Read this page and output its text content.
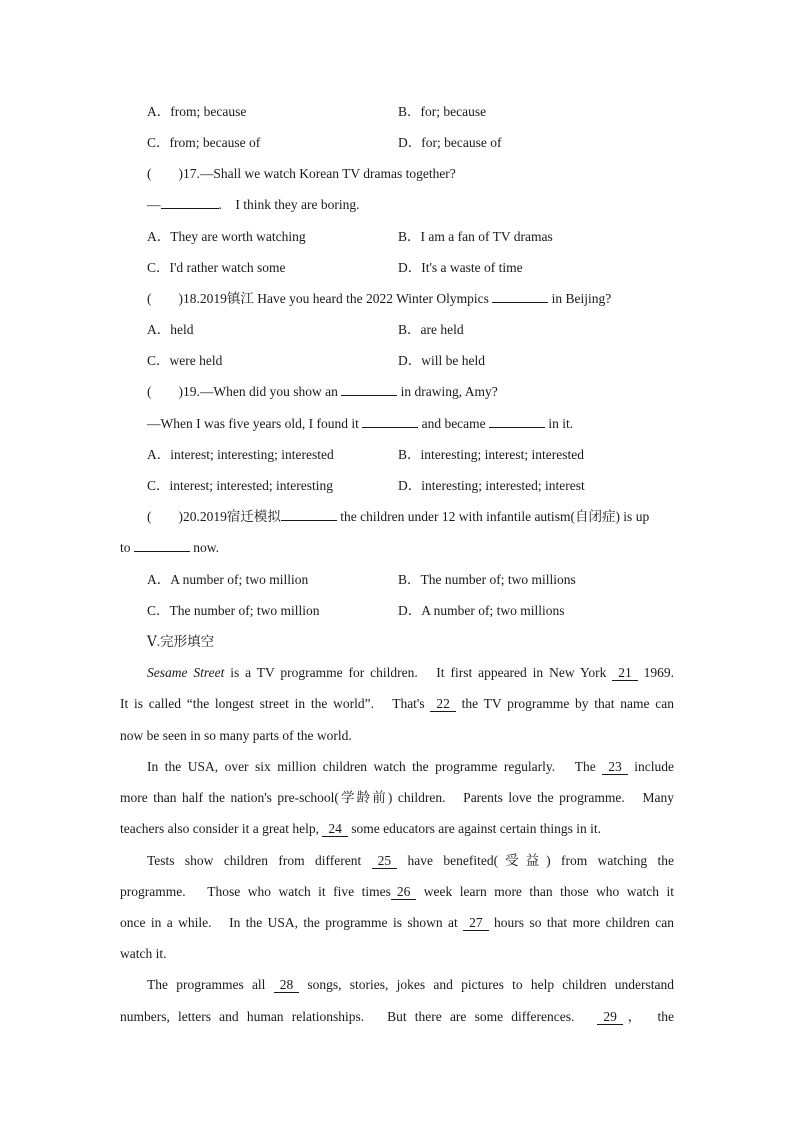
A．from; because	B．for; because
C．from; because of	D．for; because of
(　　)17.—Shall we watch Korean TV dramas together?
—	.　I think they are boring.
A．They are worth watching	B．I am a fan of TV dramas
C．I'd rather watch some	D．It's a waste of time
(　　)18.2019镇江 Have you heard the 2022 Winter Olympics	in Beijing?
A．held	B．are held
C．were held	D．will be held
(　　)19.—When did you show an	in drawing, Amy?
—When I was five years old, I found it	and became	in it.
A．interest; interesting; interested	B．interesting; interest; interested
C．interest; interested; interesting	D．interesting; interested; interest
(　　)20.2019宿迁模拟	the children under 12 with infantile autism(自闭症) is up
to	now.
A．A number of; two million	B．The number of; two millions
C．The number of; two million	D．A number of; two millions
Ⅴ.完形填空
Sesame Street is a TV programme for children.　It first appeared in New York 21 1969.
It is called “the longest street in the world”.　That's 22 the TV programme by that name can
now be seen in so many parts of the world.
In the USA, over six million children watch the programme regularly.　The 23 include
more than half the nation's pre-school(学龄前) children.　Parents love the programme.　Many
teachers also consider it a great help, 24 some educators are against certain things in it.
Tests show children from different 25 have benefited(受益) from watching the
programme.　Those who watch it five times 26 week learn more than those who watch it
once in a while.　In the USA, the programme is shown at 27 hours so that more children can
watch it.
The programmes all 28 songs, stories, jokes and pictures to help children understand
numbers, letters and human relationships.　But there are some differences.　29 ，　the
